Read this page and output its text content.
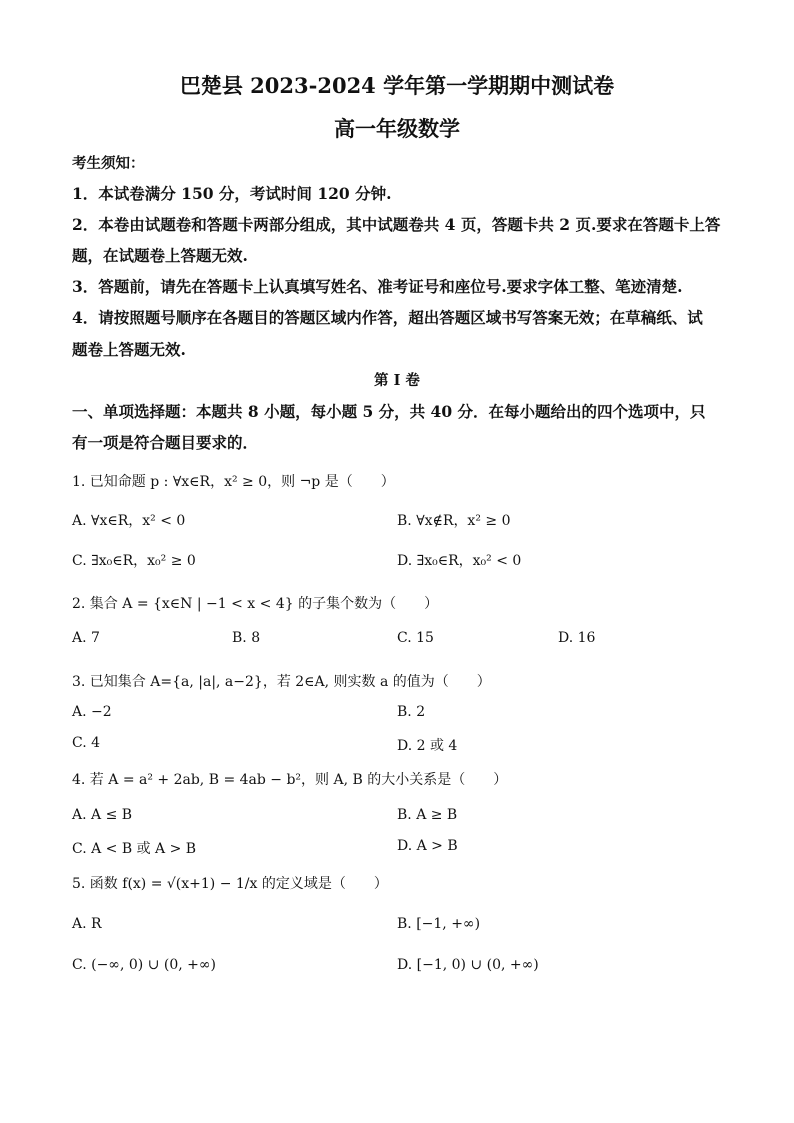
巴楚县 2023-2024 学年第一学期期中测试卷
高一年级数学
考生须知：
1．本试卷满分 150 分，考试时间 120 分钟.
2．本卷由试题卷和答题卡两部分组成，其中试题卷共 4 页，答题卡共 2 页.要求在答题卡上答
题，在试题卷上答题无效.
3．答题前，请先在答题卡上认真填写姓名、准考证号和座位号.要求字体工整、笔迹清楚.
4．请按照题号顺序在各题目的答题区域内作答，超出答题区域书写答案无效；在草稿纸、试
题卷上答题无效.
第 I 卷
一、单项选择题：本题共 8 小题，每小题 5 分，共 40 分．在每小题给出的四个选项中，只
有一项是符合题目要求的．
1. 已知命题 p : ∀x∈R，x² ≥ 0，则 ¬p 是（　　）
A. ∀x∈R，x² < 0	B. ∀x∉R，x² ≥ 0
C. ∃x₀∈R，x₀² ≥ 0	D. ∃x₀∈R，x₀² < 0
2. 集合 A = {x∈N | −1 < x < 4} 的子集个数为（　　）
A. 7	B. 8	C. 15	D. 16
3. 已知集合 A={a, |a|, a−2}，若 2∈A, 则实数 a 的值为（　　）
A. −2	B. 2
C. 4	D. 2 或 4
4. 若 A = a² + 2ab, B = 4ab − b²，则 A, B 的大小关系是（　　）
A. A ≤ B	B. A ≥ B
C. A < B 或 A > B	D. A > B
5. 函数 f(x) = √(x+1) − 1/x 的定义域是（　　）
A. R	B. [−1, +∞)
C. (−∞, 0) ∪ (0, +∞)	D. [−1, 0) ∪ (0, +∞)
